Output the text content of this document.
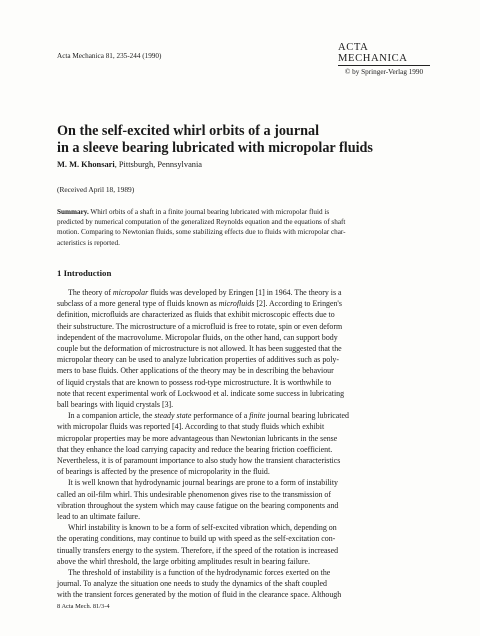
Acta Mechanica 81, 235-244 (1990)
ACTA MECHANICA
© by Springer-Verlag 1990
On the self-excited whirl orbits of a journal
in a sleeve bearing lubricated with micropolar fluids
M. M. Khonsari, Pittsburgh, Pennsylvania
(Received April 18, 1989)
Summary. Whirl orbits of a shaft in a finite journal bearing lubricated with micropolar fluid is
predicted by numerical computation of the generalized Reynolds equation and the equations of shaft
motion. Comparing to Newtonian fluids, some stabilizing effects due to fluids with micropolar char-
acteristics is reported.
1 Introduction
The theory of micropolar fluids was developed by Eringen [1] in 1964. The theory is a
subclass of a more general type of fluids known as microfluids [2]. According to Eringen's
definition, microfluids are characterized as fluids that exhibit microscopic effects due to
their substructure. The microstructure of a microfluid is free to rotate, spin or even deform
independent of the macrovolume. Micropolar fluids, on the other hand, can support body
couple but the deformation of microstructure is not allowed. It has been suggested that the
micropolar theory can be used to analyze lubrication properties of additives such as poly-
mers to base fluids. Other applications of the theory may be in describing the behaviour
of liquid crystals that are known to possess rod-type microstructure. It is worthwhile to
note that recent experimental work of Lockwood et al. indicate some success in lubricating
ball bearings with liquid crystals [3].
In a companion article, the steady state performance of a finite journal bearing lubricated
with micropolar fluids was reported [4]. According to that study fluids which exhibit
micropolar properties may be more advantageous than Newtonian lubricants in the sense
that they enhance the load carrying capacity and reduce the bearing friction coefficient.
Nevertheless, it is of paramount importance to also study how the transient characteristics
of bearings is affected by the presence of micropolarity in the fluid.
It is well known that hydrodynamic journal bearings are prone to a form of instability
called an oil-film whirl. This undesirable phenomenon gives rise to the transmission of
vibration throughout the system which may cause fatigue on the bearing components and
lead to an ultimate failure.
Whirl instability is known to be a form of self-excited vibration which, depending on
the operating conditions, may continue to build up with speed as the self-excitation con-
tinually transfers energy to the system. Therefore, if the speed of the rotation is increased
above the whirl threshold, the large orbiting amplitudes result in bearing failure.
The threshold of instability is a function of the hydrodynamic forces exerted on the
journal. To analyze the situation one needs to study the dynamics of the shaft coupled
with the transient forces generated by the motion of fluid in the clearance space. Although
8 Acta Mech. 81/3-4
